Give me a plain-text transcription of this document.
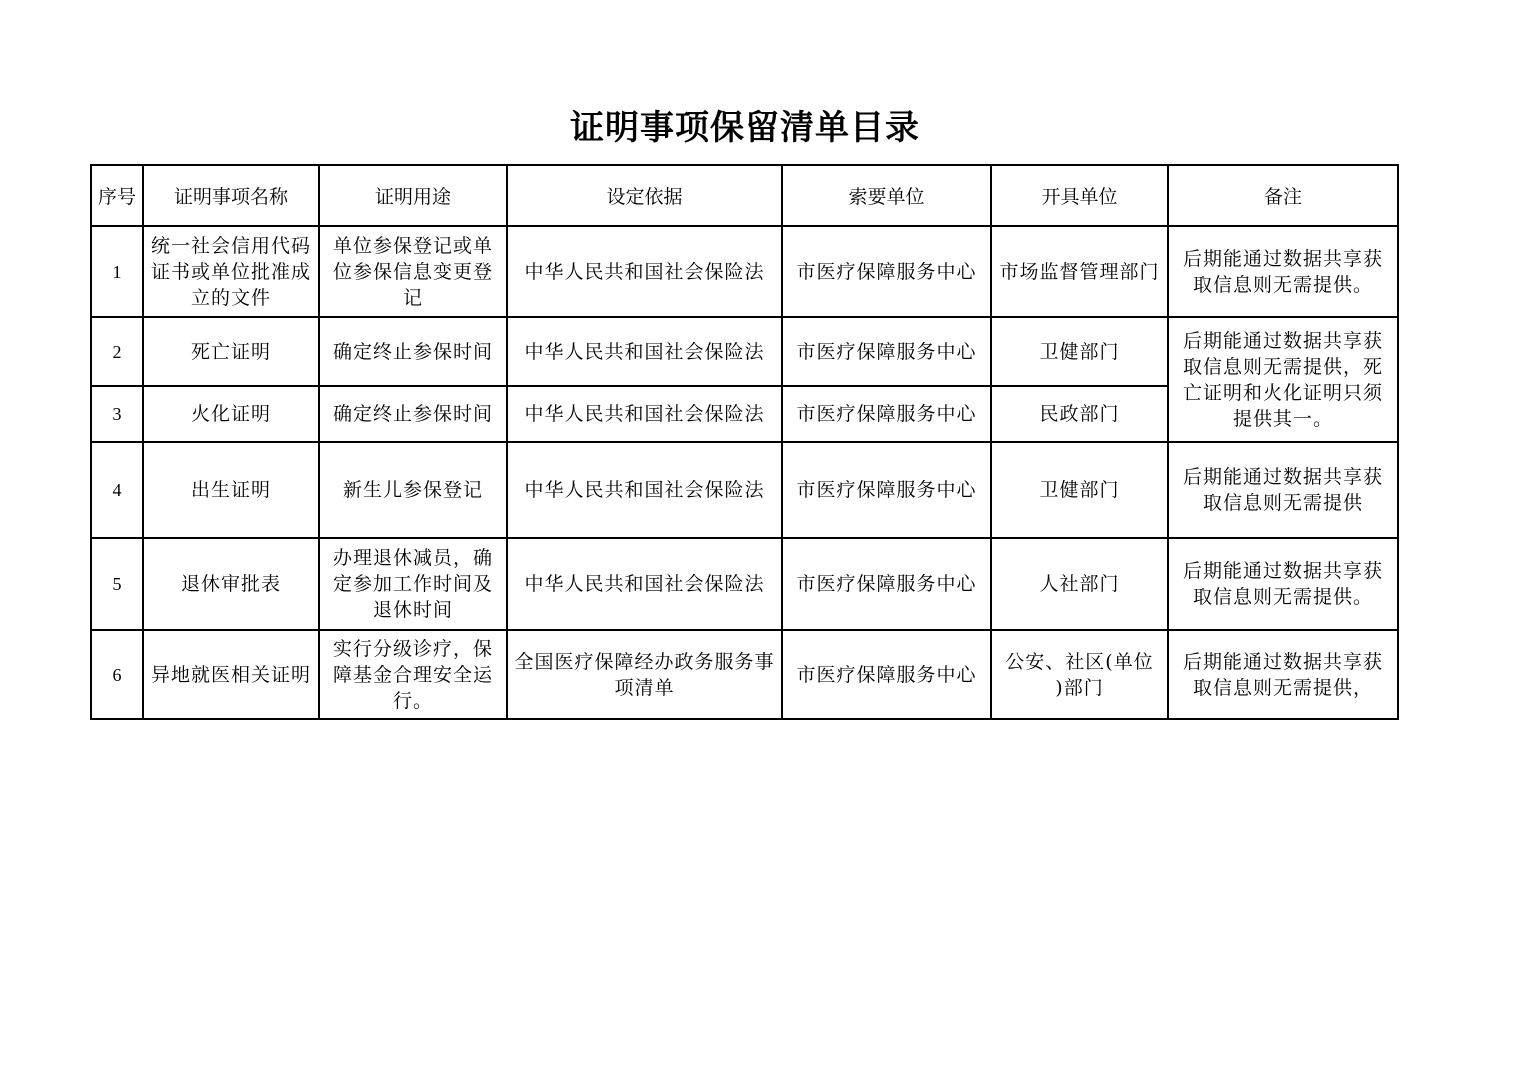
证明事项保留清单目录
序号	证明事项名称	证明用途	设定依据	索要单位	开具单位	备注
1	统一社会信用代码证书或单位批准成立的文件	单位参保登记或单位参保信息变更登记	中华人民共和国社会保险法	市医疗保障服务中心	市场监督管理部门	后期能通过数据共享获取信息则无需提供。
2	死亡证明	确定终止参保时间	中华人民共和国社会保险法	市医疗保障服务中心	卫健部门	后期能通过数据共享获取信息则无需提供，死亡证明和火化证明只须提供其一。
3	火化证明	确定终止参保时间	中华人民共和国社会保险法	市医疗保障服务中心	民政部门	
4	出生证明	新生儿参保登记	中华人民共和国社会保险法	市医疗保障服务中心	卫健部门	后期能通过数据共享获取信息则无需提供
5	退休审批表	办理退休减员，确定参加工作时间及退休时间	中华人民共和国社会保险法	市医疗保障服务中心	人社部门	后期能通过数据共享获取信息则无需提供。
6	异地就医相关证明	实行分级诊疗，保障基金合理安全运行。	全国医疗保障经办政务服务事项清单	市医疗保障服务中心	公安、社区(单位 )部门	后期能通过数据共享获取信息则无需提供，
